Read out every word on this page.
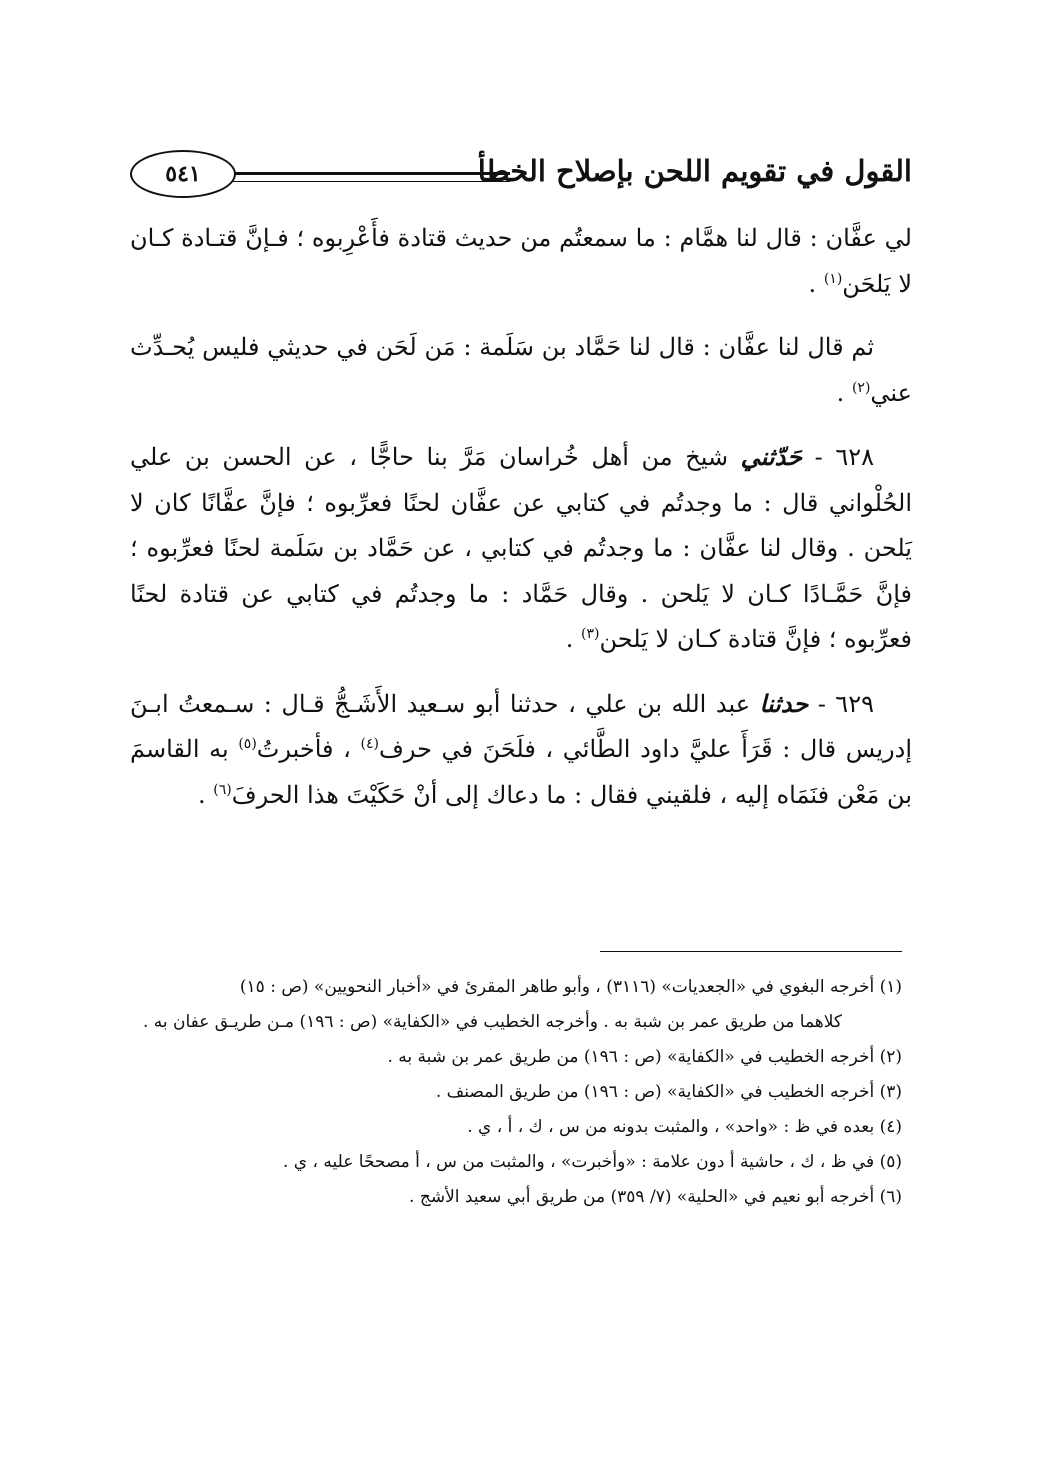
القول في تقويم اللحن بإصلاح الخطأ
٥٤١

لي عفَّان : قال لنا همَّام : ما سمعتُم من حديث قتادة فأَعْرِبوه ؛ فـإنَّ قتـادة كـان لا يَلحَن$^{(١)}$ .

ثم قال لنا عفَّان : قال لنا حَمَّاد بن سَلَمة : مَن لَحَن في حديثي فليس يُحـدِّث عني$^{(٢)}$ .

٦٢٨ - حَدّثني شيخ من أهل خُراسان مَرَّ بنا حاجًّا ، عن الحسن بن علي الحُلْواني قال : ما وجدتُم في كتابي عن عفَّان لحنًا فعرِّبوه ؛ فإنَّ عفَّانًا كان لا يَلحن . وقال لنا عفَّان : ما وجدتُم في كتابي ، عن حَمَّاد بن سَلَمة لحنًا فعرِّبوه ؛ فإنَّ حَمَّـادًا كـان لا يَلحن . وقال حَمَّاد : ما وجدتُم في كتابي عن قتادة لحنًا فعرِّبوه ؛ فإنَّ قتادة كـان لا يَلحن$^{(٣)}$ .

٦٢٩ - حدثنا عبد الله بن علي ، حدثنا أبو سـعيد الأَشَـجُّ قـال : سـمعتُ ابـنَ إدريس قال : قَرَأَ عليَّ داود الطَّائي ، فلَحَنَ في حرف$^{(٤)}$ ، فأخبرتُ$^{(٥)}$ به القاسمَ بن مَعْن فنَمَاه إليه ، فلقيني فقال : ما دعاك إلى أنْ حَكَيْتَ هذا الحرفَ$^{(٦)}$ .

(١) أخرجه البغوي في «الجعديات» (٣١١٦) ، وأبو طاهر المقرئ في «أخبار النحويين» (ص : ١٥)

كلاهما من طريق عمر بن شبة به . وأخرجه الخطيب في «الكفاية» (ص : ١٩٦) مـن طريـق عفان به .

(٢) أخرجه الخطيب في «الكفاية» (ص : ١٩٦) من طريق عمر بن شبة به .

(٣) أخرجه الخطيب في «الكفاية» (ص : ١٩٦) من طريق المصنف .

(٤) بعده في ظ : «واحد» ، والمثبت بدونه من س ، ك ، أ ، ي .

(٥) في ظ ، ك ، حاشية أ دون علامة : «وأخبرت» ، والمثبت من س ، أ مصححًا عليه ، ي .

(٦) أخرجه أبو نعيم في «الحلية» (٧/ ٣٥٩) من طريق أبي سعيد الأشج .
